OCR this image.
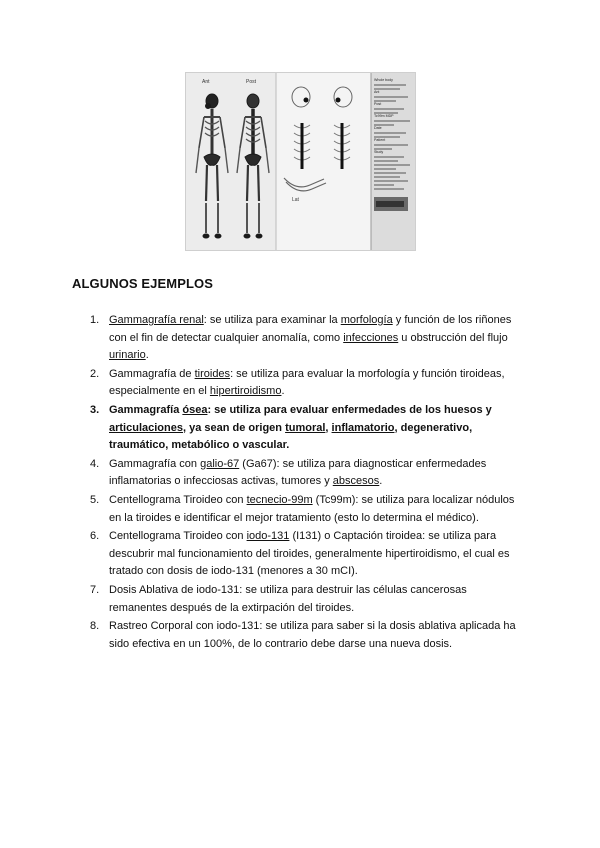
Ant	Post
Lat
Whole body
Ant
Post
Tc99m MDP
Date
Patient
Study
ALGUNOS EJEMPLOS
1. Gammagrafía renal: se utiliza para examinar la morfología y función de los riñones con el fin de detectar cualquier anomalía, como infecciones u obstrucción del flujo urinario.
2. Gammagrafía de tiroides: se utiliza para evaluar la morfología y función tiroideas, especialmente en el hipertiroidismo.
3. Gammagrafía ósea: se utiliza para evaluar enfermedades de los huesos y articulaciones, ya sean de origen tumoral, inflamatorio, degenerativo, traumático, metabólico o vascular.
4. Gammagrafía con galio-67 (Ga67): se utiliza para diagnosticar enfermedades inflamatorias o infecciosas activas, tumores y abscesos.
5. Centellograma Tiroideo con tecnecio-99m (Tc99m): se utiliza para localizar nódulos en la tiroides e identificar el mejor tratamiento (esto lo determina el médico).
6. Centellograma Tiroideo con iodo-131 (I131) o Captación tiroidea: se utiliza para descubrir mal funcionamiento del tiroides, generalmente hipertiroidismo, el cual es tratado con dosis de iodo-131 (menores a 30 mCI).
7. Dosis Ablativa de iodo-131: se utiliza para destruir las células cancerosas remanentes después de la extirpación del tiroides.
8. Rastreo Corporal con iodo-131: se utiliza para saber si la dosis ablativa aplicada ha sido efectiva en un 100%, de lo contrario debe darse una nueva dosis.
